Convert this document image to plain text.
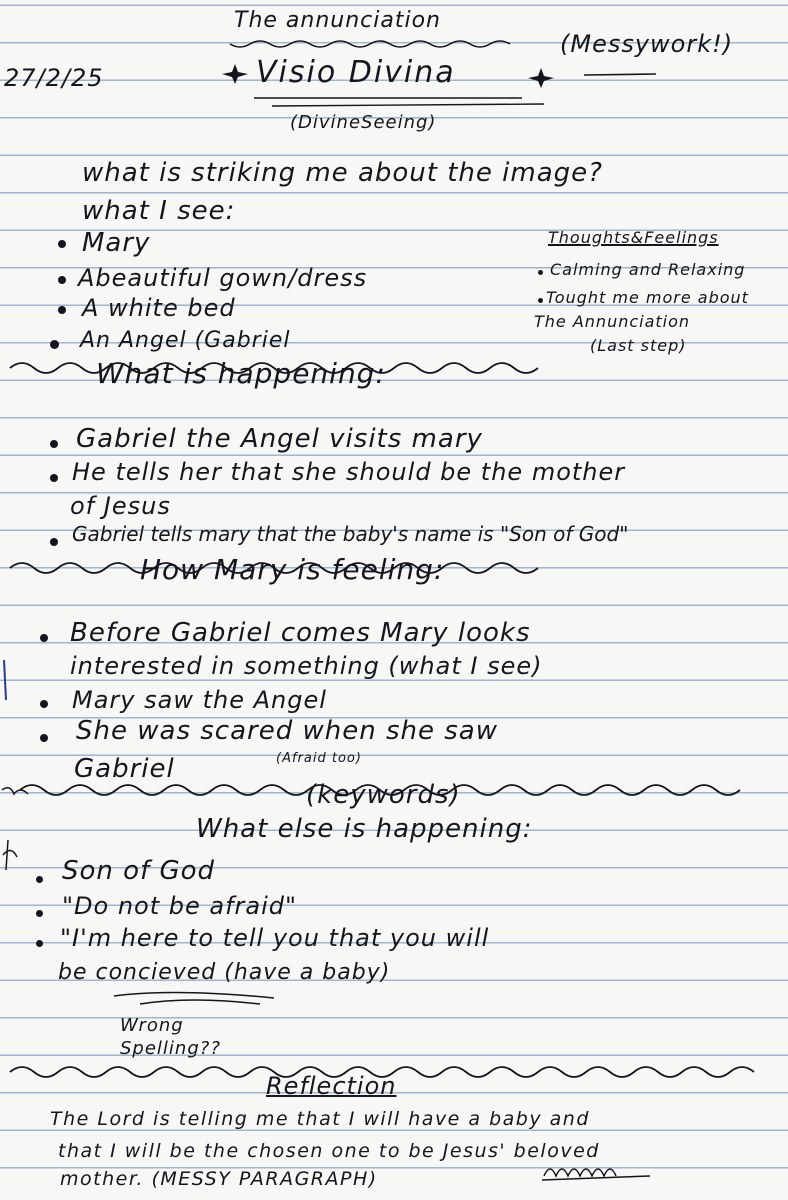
The annunciation
(Messywork!)
27/2/25	Visio Divina
(DivineSeeing)
what is striking me about the image?
what I see:
Mary
Abeautiful gown/dress
A white bed
An Angel (Gabriel
Thoughts&Feelings
Calming and Relaxing
Tought me more about
The Annunciation
(Last step)
What is happening:
Gabriel the Angel visits mary
He tells her that she should be the mother
of Jesus
Gabriel tells mary that the baby's name is "Son of God"
How Mary is feeling:
Before Gabriel comes Mary looks
interested in something (what I see)
Mary saw the Angel
She was scared when she saw
(Afraid too)
Gabriel
(keywords)
What else is happening:
Son of God
"Do not be afraid"
"I'm here to tell you that you will
be concieved (have a baby)
Wrong Spelling??
Reflection
The Lord is telling me that I will have a baby and
that I will be the chosen one to be Jesus' beloved
mother. (MESSY PARAGRAPH)
